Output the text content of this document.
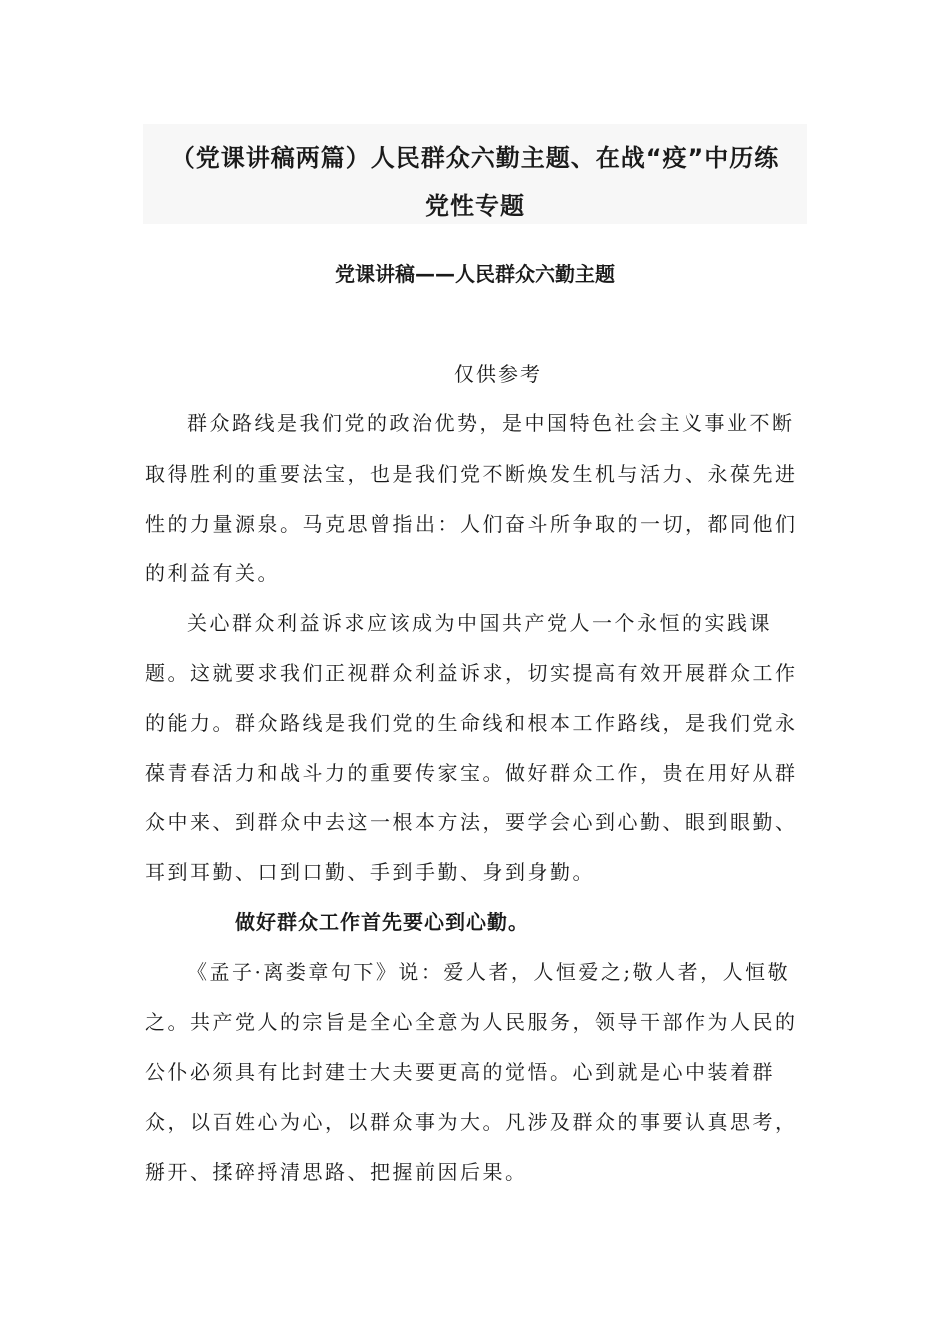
（党课讲稿两篇）人民群众六勤主题、在战“疫”中历练
党性专题
党课讲稿——人民群众六勤主题
仅供参考
群众路线是我们党的政治优势，是中国特色社会主义事业不断
取得胜利的重要法宝，也是我们党不断焕发生机与活力、永葆先进
性的力量源泉。马克思曾指出：人们奋斗所争取的一切，都同他们
的利益有关。
关心群众利益诉求应该成为中国共产党人一个永恒的实践课
题。这就要求我们正视群众利益诉求，切实提高有效开展群众工作
的能力。群众路线是我们党的生命线和根本工作路线，是我们党永
葆青春活力和战斗力的重要传家宝。做好群众工作，贵在用好从群
众中来、到群众中去这一根本方法，要学会心到心勤、眼到眼勤、
耳到耳勤、口到口勤、手到手勤、身到身勤。
做好群众工作首先要心到心勤。
《孟子·离娄章句下》说：爱人者，人恒爱之;敬人者，人恒敬
之。共产党人的宗旨是全心全意为人民服务，领导干部作为人民的
公仆必须具有比封建士大夫要更高的觉悟。心到就是心中装着群
众，以百姓心为心，以群众事为大。凡涉及群众的事要认真思考，
掰开、揉碎捋清思路、把握前因后果。
